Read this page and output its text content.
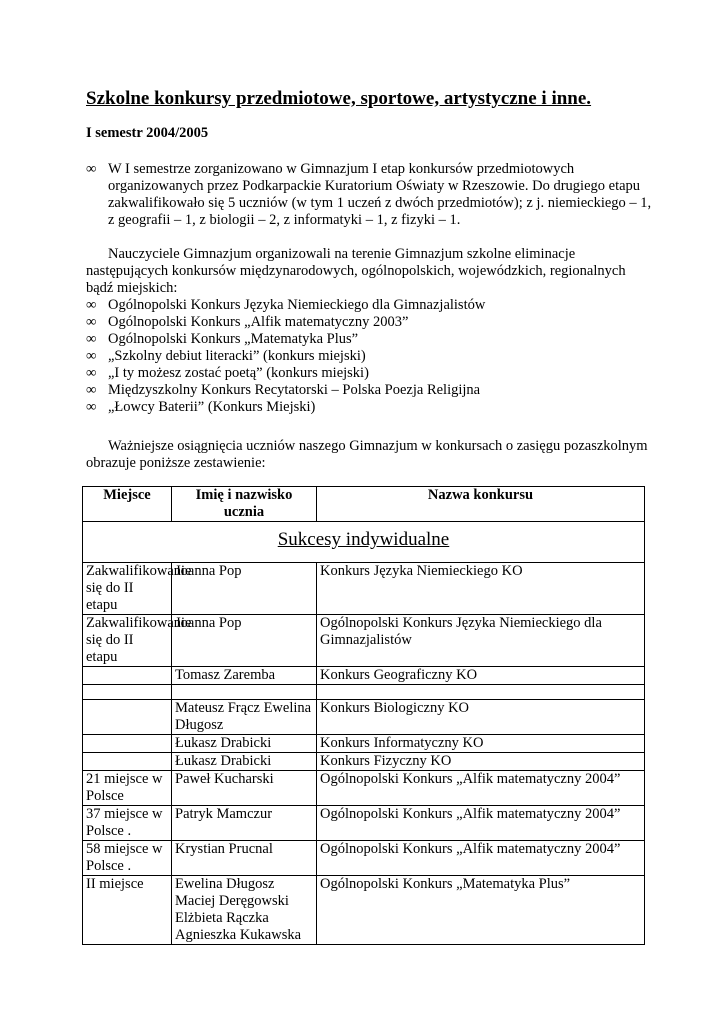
Szkolne konkursy przedmiotowe, sportowe, artystyczne i inne.

I semestr 2004/2005

∞ W I semestrze zorganizowano w Gimnazjum I etap konkursów przedmiotowych organizowanych przez Podkarpackie Kuratorium Oświaty w Rzeszowie. Do drugiego etapu zakwalifikowało się 5 uczniów (w tym 1 uczeń z dwóch przedmiotów); z j. niemieckiego – 1, z geografii – 1, z biologii – 2, z informatyki – 1, z fizyki – 1.

Nauczyciele Gimnazjum organizowali na terenie Gimnazjum szkolne eliminacje następujących konkursów międzynarodowych, ogólnopolskich, wojewódzkich, regionalnych bądź miejskich:

∞ Ogólnopolski Konkurs Języka Niemieckiego dla Gimnazjalistów
∞ Ogólnopolski Konkurs „Alfik matematyczny 2003”
∞ Ogólnopolski Konkurs „Matematyka Plus”
∞ „Szkolny debiut literacki” (konkurs miejski)
∞ „I ty możesz zostać poetą” (konkurs miejski)
∞ Międzyszkolny Konkurs Recytatorski – Polska Poezja Religijna
∞ „Łowcy Baterii” (Konkurs Miejski)

Ważniejsze osiągnięcia uczniów naszego Gimnazjum w konkursach o zasięgu pozaszkolnym obrazuje poniższe zestawienie:

Miejsce	Imię i nazwisko ucznia	Nazwa konkursu
Sukcesy indywidualne		
Zakwalifikowanie się do II etapu	Joanna Pop	Konkurs Języka Niemieckiego KO
Zakwalifikowanie się do II etapu	Joanna Pop	Ogólnopolski Konkurs Języka Niemieckiego dla Gimnazjalistów
	Tomasz Zaremba	Konkurs Geograficzny KO

	Mateusz Frącz Ewelina Długosz	Konkurs Biologiczny KO
	Łukasz Drabicki	Konkurs Informatyczny KO
	Łukasz Drabicki	Konkurs Fizyczny KO
21 miejsce w Polsce	Paweł Kucharski	Ogólnopolski Konkurs „Alfik matematyczny 2004”
37 miejsce w Polsce .	Patryk Mamczur	Ogólnopolski Konkurs „Alfik matematyczny 2004”
58 miejsce w Polsce .	Krystian Prucnal	Ogólnopolski Konkurs „Alfik matematyczny 2004”
II miejsce	Ewelina Długosz Maciej Deręgowski Elżbieta Rączka Agnieszka Kukawska	Ogólnopolski Konkurs „Matematyka Plus”
